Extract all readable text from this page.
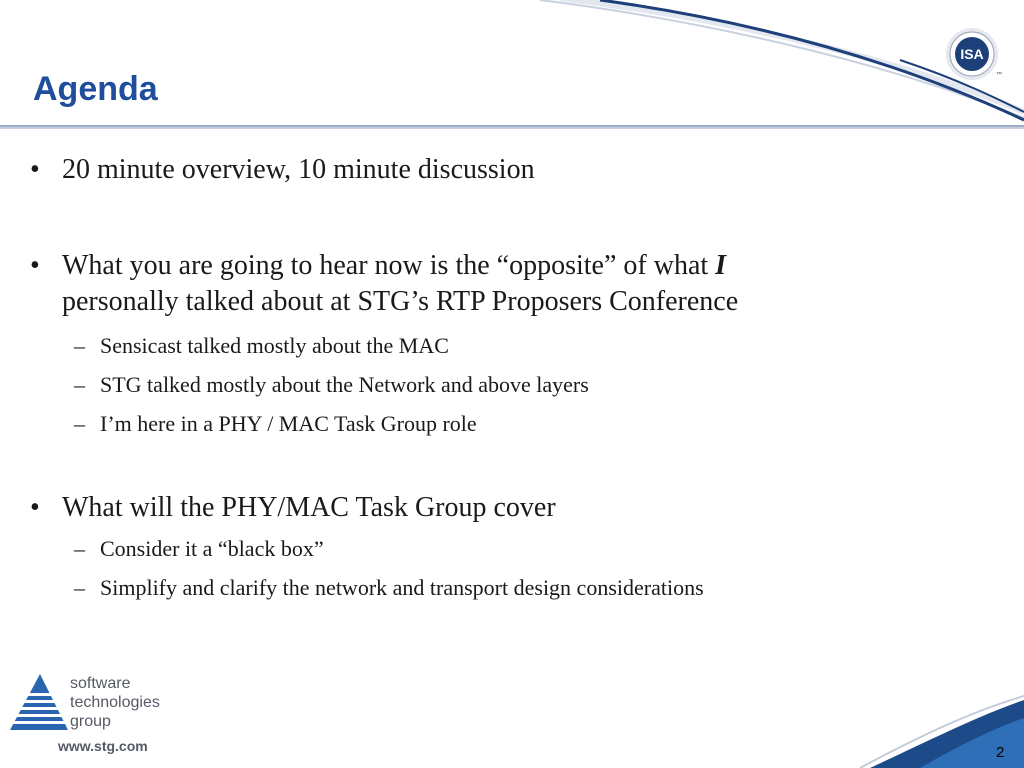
Agenda
ISA
™
• 20 minute overview, 10 minute discussion
• What you are going to hear now is the “opposite” of what I
personally talked about at STG’s RTP Proposers Conference
– Sensicast talked mostly about the MAC
– STG talked mostly about the Network and above layers
– I’m here in a PHY / MAC Task Group role
• What will the PHY/MAC Task Group cover
– Consider it a “black box”
– Simplify and clarify the network and transport design considerations
software
technologies
group
www.stg.com	2
